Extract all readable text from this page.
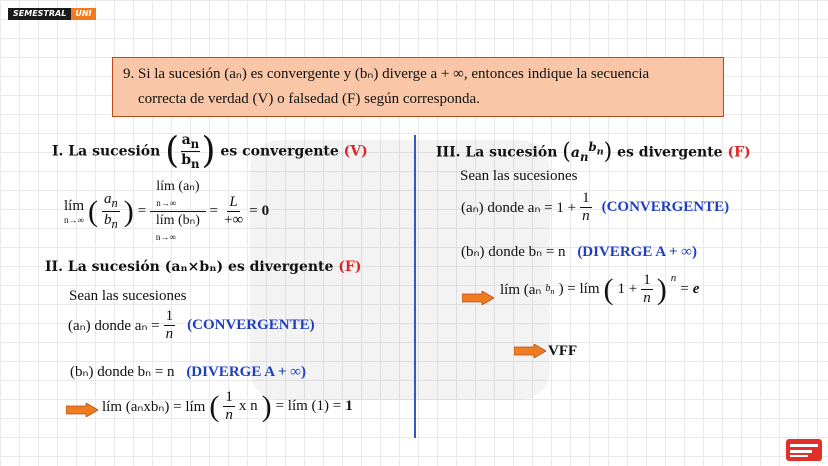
SEMESTRAL	UNI
9. Si la sucesión (aₙ) es convergente y (bₙ) diverge a + ∞, entonces indique la secuencia
correcta de verdad (V) o falsedad (F) según corresponda.
I. La sucesión ( $\frac{a_n}{b_n}$ ) es convergente (V)
lím
n→∞ ( $\frac{a_n}{b_n}$ ) =
lím (aₙ)
n→∞
lím (bₙ)
n→∞
= $\frac{L}{+\infty} = 0$
II. La sucesión (aₙ×bₙ) es divergente (F)
Sean las sucesiones
(aₙ) donde $a_n = \frac{1}{n}$ (CONVERGENTE)
(bₙ) donde bₙ = n (DIVERGE A + ∞)
lím (aₙxbₙ) = lím ( $\frac{1}{n}$ x n ) = lím (1) = 1
III. La sucesión $(a_n^{b_n})$ es divergente (F)
Sean las sucesiones
(aₙ) donde $a_n = 1 + \frac{1}{n}$ (CONVERGENTE)
(bₙ) donde bₙ = n (DIVERGE A + ∞)
lím (aₙ $b_n$ ) = lím ( $1 + \frac{1}{n}$ ) $^n$
= e
VFF
